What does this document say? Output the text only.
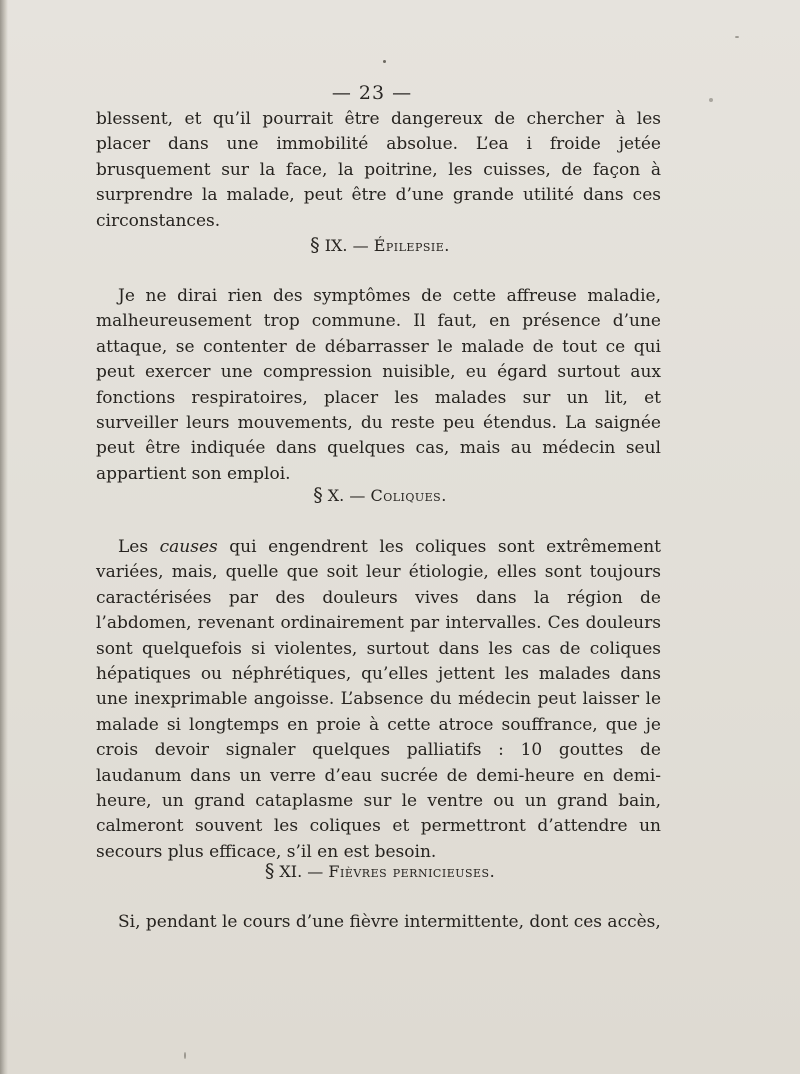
— 23 —

blessent, et qu’il pourrait être dangereux de chercher à les placer dans une immobilité absolue. L’ea i froide jetée brusquement sur la face, la poitrine, les cuisses, de façon à surprendre la malade, peut être d’une grande utilité dans ces circonstances.

§ IX. — Épilepsie.

Je ne dirai rien des symptômes de cette affreuse maladie, malheureusement trop commune. Il faut, en présence d’une attaque, se contenter de débarrasser le malade de tout ce qui peut exercer une compression nuisible, eu égard surtout aux fonctions respiratoires, placer les malades sur un lit, et surveiller leurs mouvements, du reste peu étendus. La saignée peut être indiquée dans quelques cas, mais au médecin seul appartient son emploi.

§ X. — Coliques.

Les causes qui engendrent les coliques sont extrêmement variées, mais, quelle que soit leur étiologie, elles sont toujours caractérisées par des douleurs vives dans la région de l’abdomen, revenant ordinairement par intervalles. Ces douleurs sont quelquefois si violentes, surtout dans les cas de coliques hépatiques ou néphrétiques, qu’elles jettent les malades dans une inexprimable angoisse. L’absence du médecin peut laisser le malade si longtemps en proie à cette atroce souffrance, que je crois devoir signaler quelques palliatifs : 10 gouttes de laudanum dans un verre d’eau sucrée de demi-heure en demi-heure, un grand cataplasme sur le ventre ou un grand bain, calmeront souvent les coliques et permettront d’attendre un secours plus efficace, s’il en est besoin.

§ XI. — Fièvres pernicieuses.

Si, pendant le cours d’une fièvre intermittente, dont ces accès,
